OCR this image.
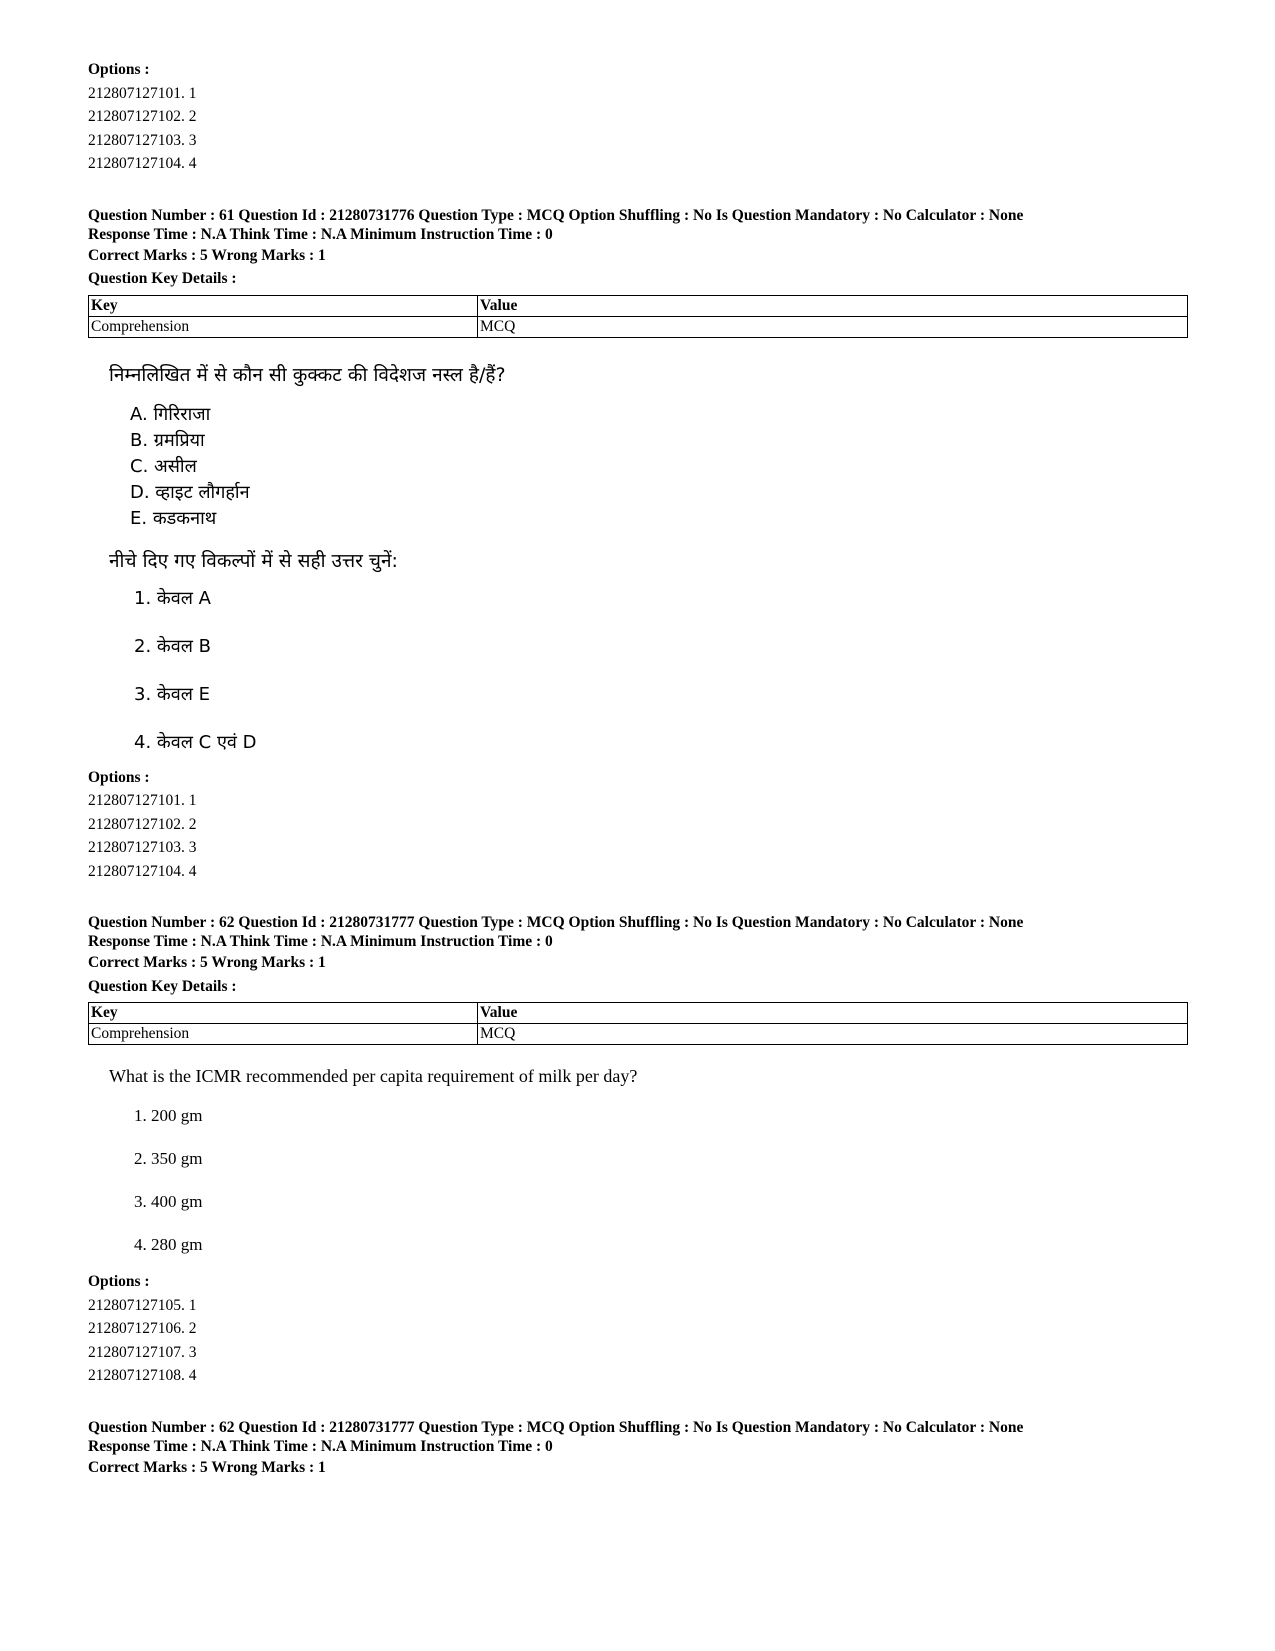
Options :
212807127101. 1
212807127102. 2
212807127103. 3
212807127104. 4
Question Number : 61 Question Id : 21280731776 Question Type : MCQ Option Shuffling : No Is Question Mandatory : No Calculator : None
Response Time : N.A Think Time : N.A Minimum Instruction Time : 0
Correct Marks : 5 Wrong Marks : 1
Question Key Details :
Key	Value
Comprehension	MCQ
निम्नलिखित में से कौन सी कुक्कट की विदेशज नस्ल है/हैं?
A. गिरिराजा
B. ग्रमप्रिया
C. असील
D. व्हाइट लौगर्हान
E. कडकनाथ
नीचे दिए गए विकल्पों में से सही उत्तर चुनें:
1. केवल A
2. केवल B
3. केवल E
4. केवल C एवं D
Options :
212807127101. 1
212807127102. 2
212807127103. 3
212807127104. 4
Question Number : 62 Question Id : 21280731777 Question Type : MCQ Option Shuffling : No Is Question Mandatory : No Calculator : None
Response Time : N.A Think Time : N.A Minimum Instruction Time : 0
Correct Marks : 5 Wrong Marks : 1
Question Key Details :
Key	Value
Comprehension	MCQ
What is the ICMR recommended per capita requirement of milk per day?
1. 200 gm
2. 350 gm
3. 400 gm
4. 280 gm
Options :
212807127105. 1
212807127106. 2
212807127107. 3
212807127108. 4
Question Number : 62 Question Id : 21280731777 Question Type : MCQ Option Shuffling : No Is Question Mandatory : No Calculator : None
Response Time : N.A Think Time : N.A Minimum Instruction Time : 0
Correct Marks : 5 Wrong Marks : 1
